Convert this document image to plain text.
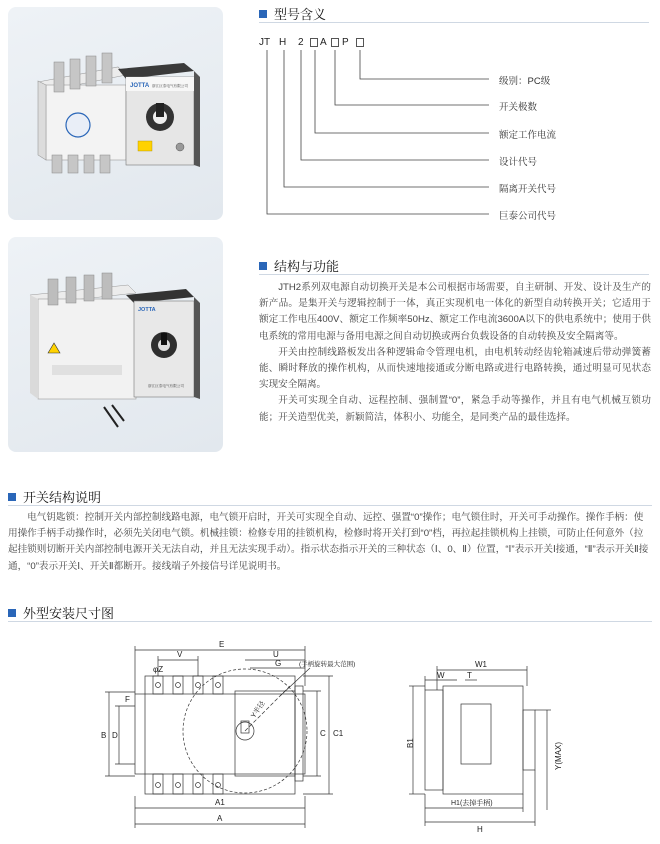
JOTTA 浙江巨泰电气有限公司
JOTTA
浙江巨泰电气有限公司
型号含义
JT H 2 A P
级别：PC级
开关极数
额定工作电流
设计代号
隔离开关代号
巨泰公司代号
结构与功能

JTH2系列双电源自动切换开关是本公司根据市场需要，自主研制、开发、设计及生产的新产品。是集开关与逻辑控制于一体，真正实现机电一体化的新型自动转换开关；它适用于额定工作电压400V、额定工作频率50Hz、额定工作电流3600A以下的供电系统中；使用于供电系统的常用电源与备用电源之间自动切换或两台负载设备的自动转换及安全隔离等。

开关由控制线路板发出各种逻辑命令管理电机，由电机转动经齿轮箱减速后带动弹簧蓄能、瞬时释放的操作机构，从而快速地接通或分断电路或进行电路转换，通过明显可见状态实现安全隔离。

开关可实现全自动、远程控制、强制置“0”，紧急手动等操作，并且有电气机械互锁功能；开关造型优美，新颖简洁，体积小、功能全，是同类产品的最佳选择。

开关结构说明

电气钥匙锁：控制开关内部控制线路电源，电气锁开启时，开关可实现全自动、远控、强置“0”操作；电气锁住时，开关可手动操作。操作手柄：使用操作手柄手动操作时，必须先关闭电气锁。机械挂锁：检修专用的挂锁机构，检修时将开关打到“0”档，再拉起挂锁机构上挂锁，可防止任何意外（拉起挂锁则切断开关内部控制电源开关无法自动，并且无法实现手动）。指示状态指示开关的三种状态（Ⅰ、0、Ⅱ）位置，“Ⅰ”表示开关Ⅰ接通，“Ⅱ”表示开关Ⅱ接通，“0”表示开关Ⅰ、开关Ⅱ都断开。接线端子外接信号详见说明书。

外型安装尺寸图
E
U
V
G
φZ
F
B D	C C1
A1
A
Y半径
(手柄旋转最大范围)	W1
W	T
B1	Y(MAX)
H1(去掉手柄)
H
